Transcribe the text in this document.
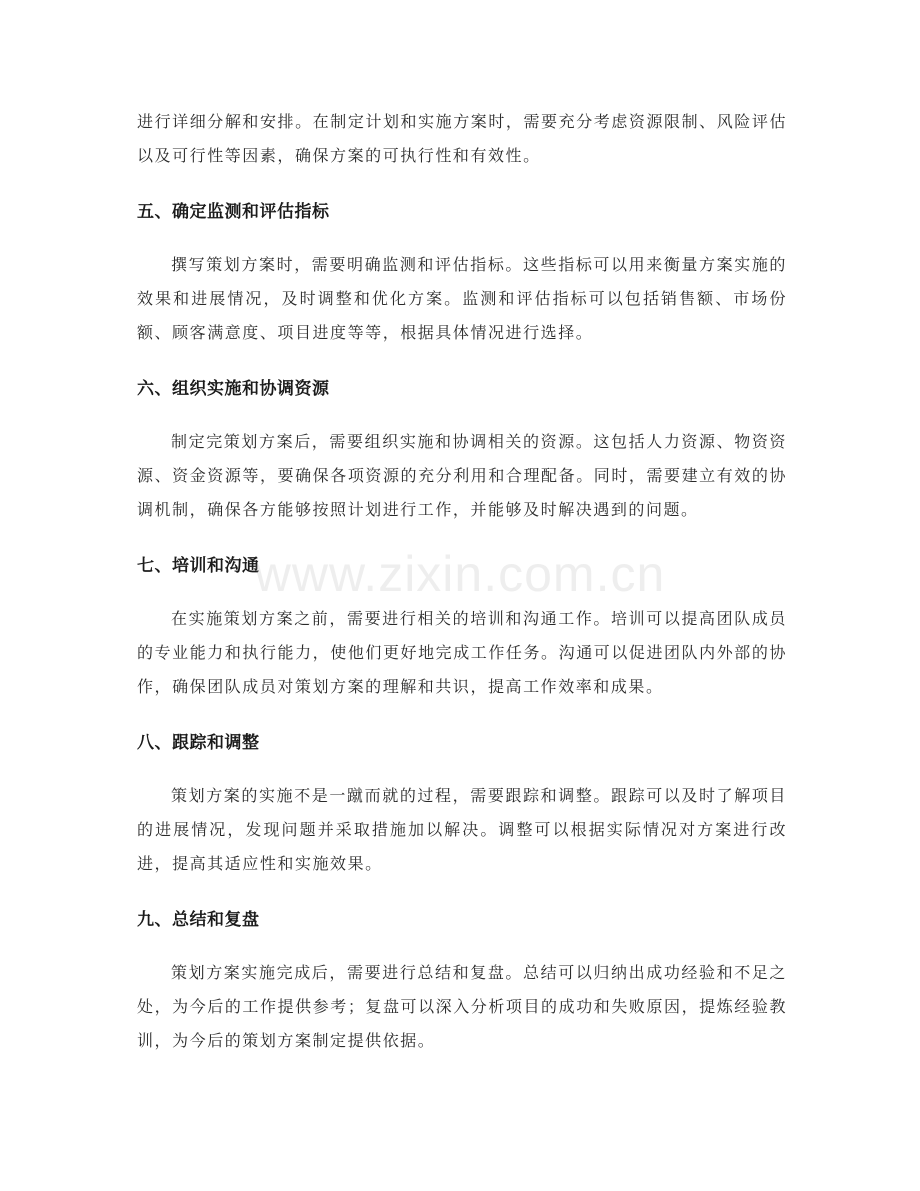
进行详细分解和安排。在制定计划和实施方案时，需要充分考虑资源限制、风险评估以及可行性等因素，确保方案的可执行性和有效性。

五、确定监测和评估指标

撰写策划方案时，需要明确监测和评估指标。这些指标可以用来衡量方案实施的效果和进展情况，及时调整和优化方案。监测和评估指标可以包括销售额、市场份额、顾客满意度、项目进度等等，根据具体情况进行选择。

六、组织实施和协调资源

制定完策划方案后，需要组织实施和协调相关的资源。这包括人力资源、物资资源、资金资源等，要确保各项资源的充分利用和合理配备。同时，需要建立有效的协调机制，确保各方能够按照计划进行工作，并能够及时解决遇到的问题。

七、培训和沟通

在实施策划方案之前，需要进行相关的培训和沟通工作。培训可以提高团队成员的专业能力和执行能力，使他们更好地完成工作任务。沟通可以促进团队内外部的协作，确保团队成员对策划方案的理解和共识，提高工作效率和成果。

八、跟踪和调整

策划方案的实施不是一蹴而就的过程，需要跟踪和调整。跟踪可以及时了解项目的进展情况，发现问题并采取措施加以解决。调整可以根据实际情况对方案进行改进，提高其适应性和实施效果。

九、总结和复盘

策划方案实施完成后，需要进行总结和复盘。总结可以归纳出成功经验和不足之处，为今后的工作提供参考；复盘可以深入分析项目的成功和失败原因，提炼经验教训，为今后的策划方案制定提供依据。

www.zixin.com.cn
